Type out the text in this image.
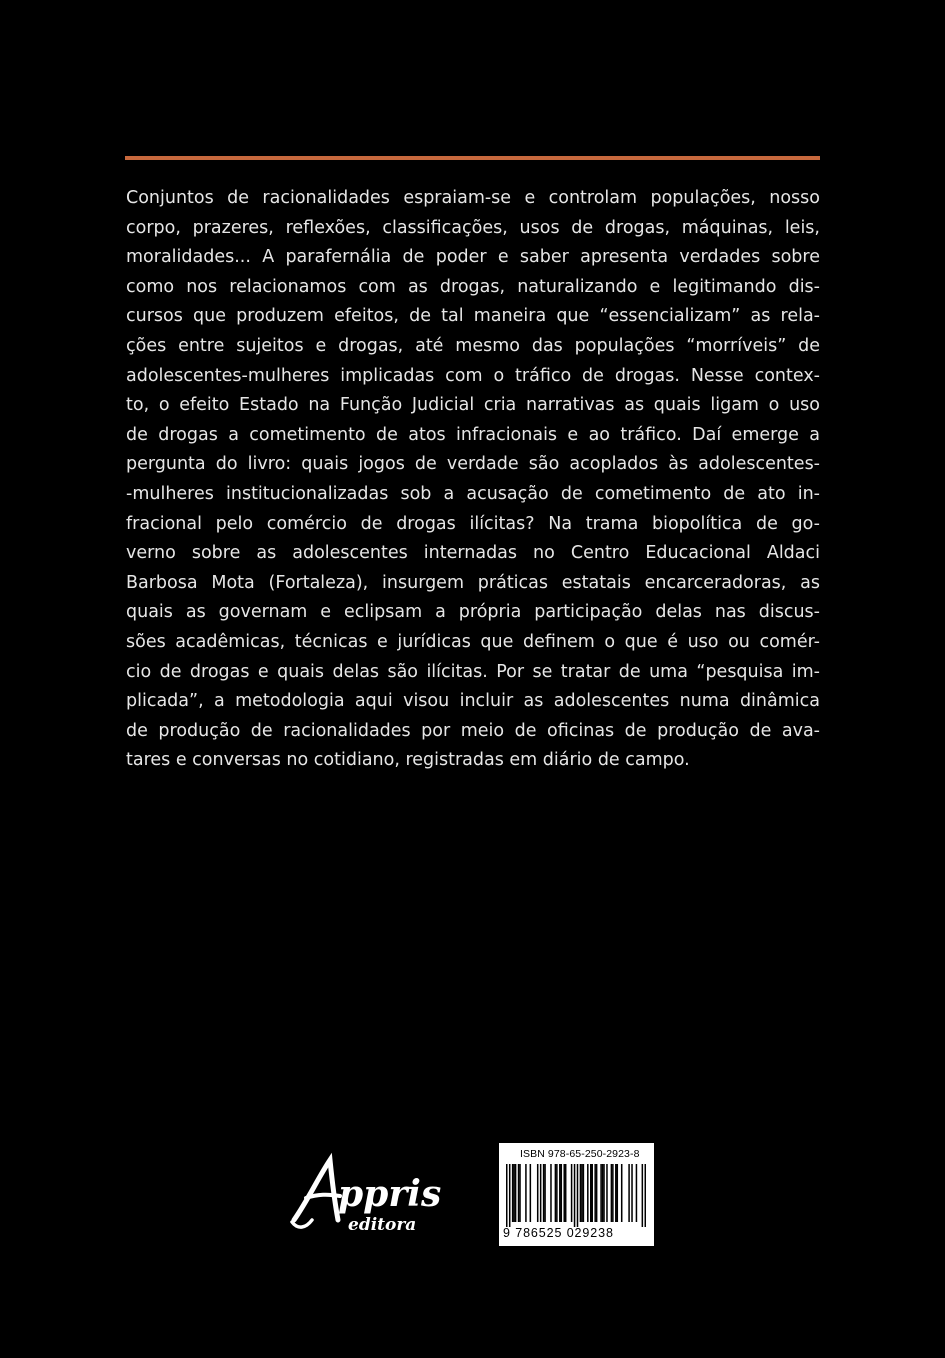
Conjuntos de racionalidades espraiam-se e controlam populações, nosso
corpo, prazeres, reflexões, classificações, usos de drogas, máquinas, leis,
moralidades... A parafernália de poder e saber apresenta verdades sobre
como nos relacionamos com as drogas, naturalizando e legitimando dis-
cursos que produzem efeitos, de tal maneira que “essencializam” as rela-
ções entre sujeitos e drogas, até mesmo das populações “morríveis” de
adolescentes-mulheres implicadas com o tráfico de drogas. Nesse contex-
to, o efeito Estado na Função Judicial cria narrativas as quais ligam o uso
de drogas a cometimento de atos infracionais e ao tráfico. Daí emerge a
pergunta do livro: quais jogos de verdade são acoplados às adolescentes-
-mulheres institucionalizadas sob a acusação de cometimento de ato in-
fracional pelo comércio de drogas ilícitas? Na trama biopolítica de go-
verno sobre as adolescentes internadas no Centro Educacional Aldaci
Barbosa Mota (Fortaleza), insurgem práticas estatais encarceradoras, as
quais as governam e eclipsam a própria participação delas nas discus-
sões acadêmicas, técnicas e jurídicas que definem o que é uso ou comér-
cio de drogas e quais delas são ilícitas. Por se tratar de uma “pesquisa im-
plicada”, a metodologia aqui visou incluir as adolescentes numa dinâmica
de produção de racionalidades por meio de oficinas de produção de ava-
tares e conversas no cotidiano, registradas em diário de campo.
ppris
editora
ISBN 978-65-250-2923-8
9 786525 029238
